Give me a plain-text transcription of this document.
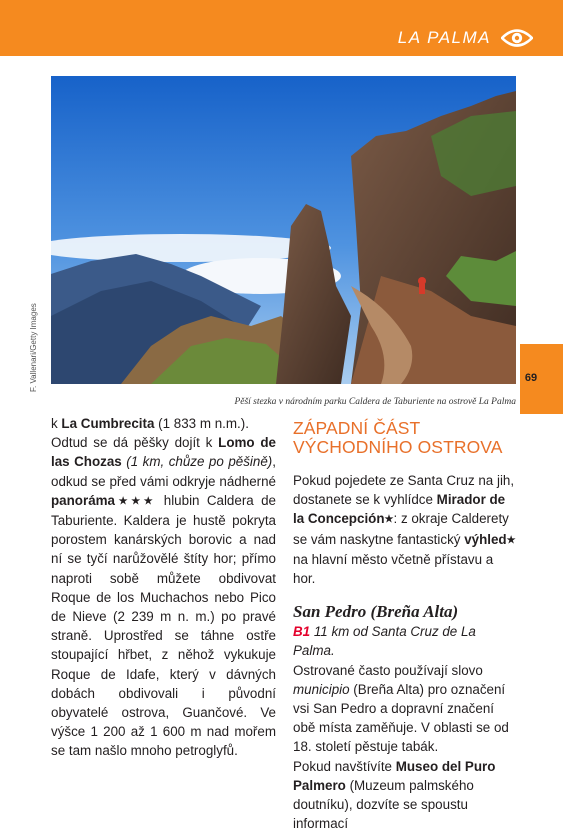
LA PALMA
F. Vallenari/Getty Images
Pěší stezka v národním parku Caldera de Taburiente na ostrově La Palma
69

k La Cumbrecita (1 833 m n.m.).
Odtud se dá pěšky dojít k Lomo de las Chozas (1 km, chůze po pěšině), odkud se před vámi odkryje nádherné panoráma★★★ hlubin Caldera de Taburiente. Kaldera je hustě pokryta porostem kanárských borovic a nad ní se tyčí narůžovělé štíty hor; přímo naproti sobě můžete obdivovat Roque de los Muchachos nebo Pico de Nieve (2 239 m n. m.) po pravé straně. Uprostřed se táhne ostře stoupající hřbet, z něhož vykukuje Roque de Idafe, který v dávných dobách obdivovali i původní obyvatelé ostrova, Guančové. Ve výšce 1 200 až 1 600 m nad mořem se tam našlo mnoho petroglyfů.

ZÁPADNÍ ČÁST VÝCHODNÍHO OSTROVA

Pokud pojedete ze Santa Cruz na jih, dostanete se k vyhlídce Mirador de la Concepción★: z okraje Calderety se vám naskytne fantastický výhled★ na hlavní město včetně přístavu a hor.

San Pedro (Breña Alta)

B1 11 km od Santa Cruz de La Palma.

Ostrované často používají slovo municipio (Breña Alta) pro označení vsi San Pedro a dopravní značení obě místa zaměňuje. V oblasti se od 18. století pěstuje tabák.

Pokud navštívíte Museo del Puro Palmero (Muzeum palmského doutníku), dozvíte se spoustu informací
